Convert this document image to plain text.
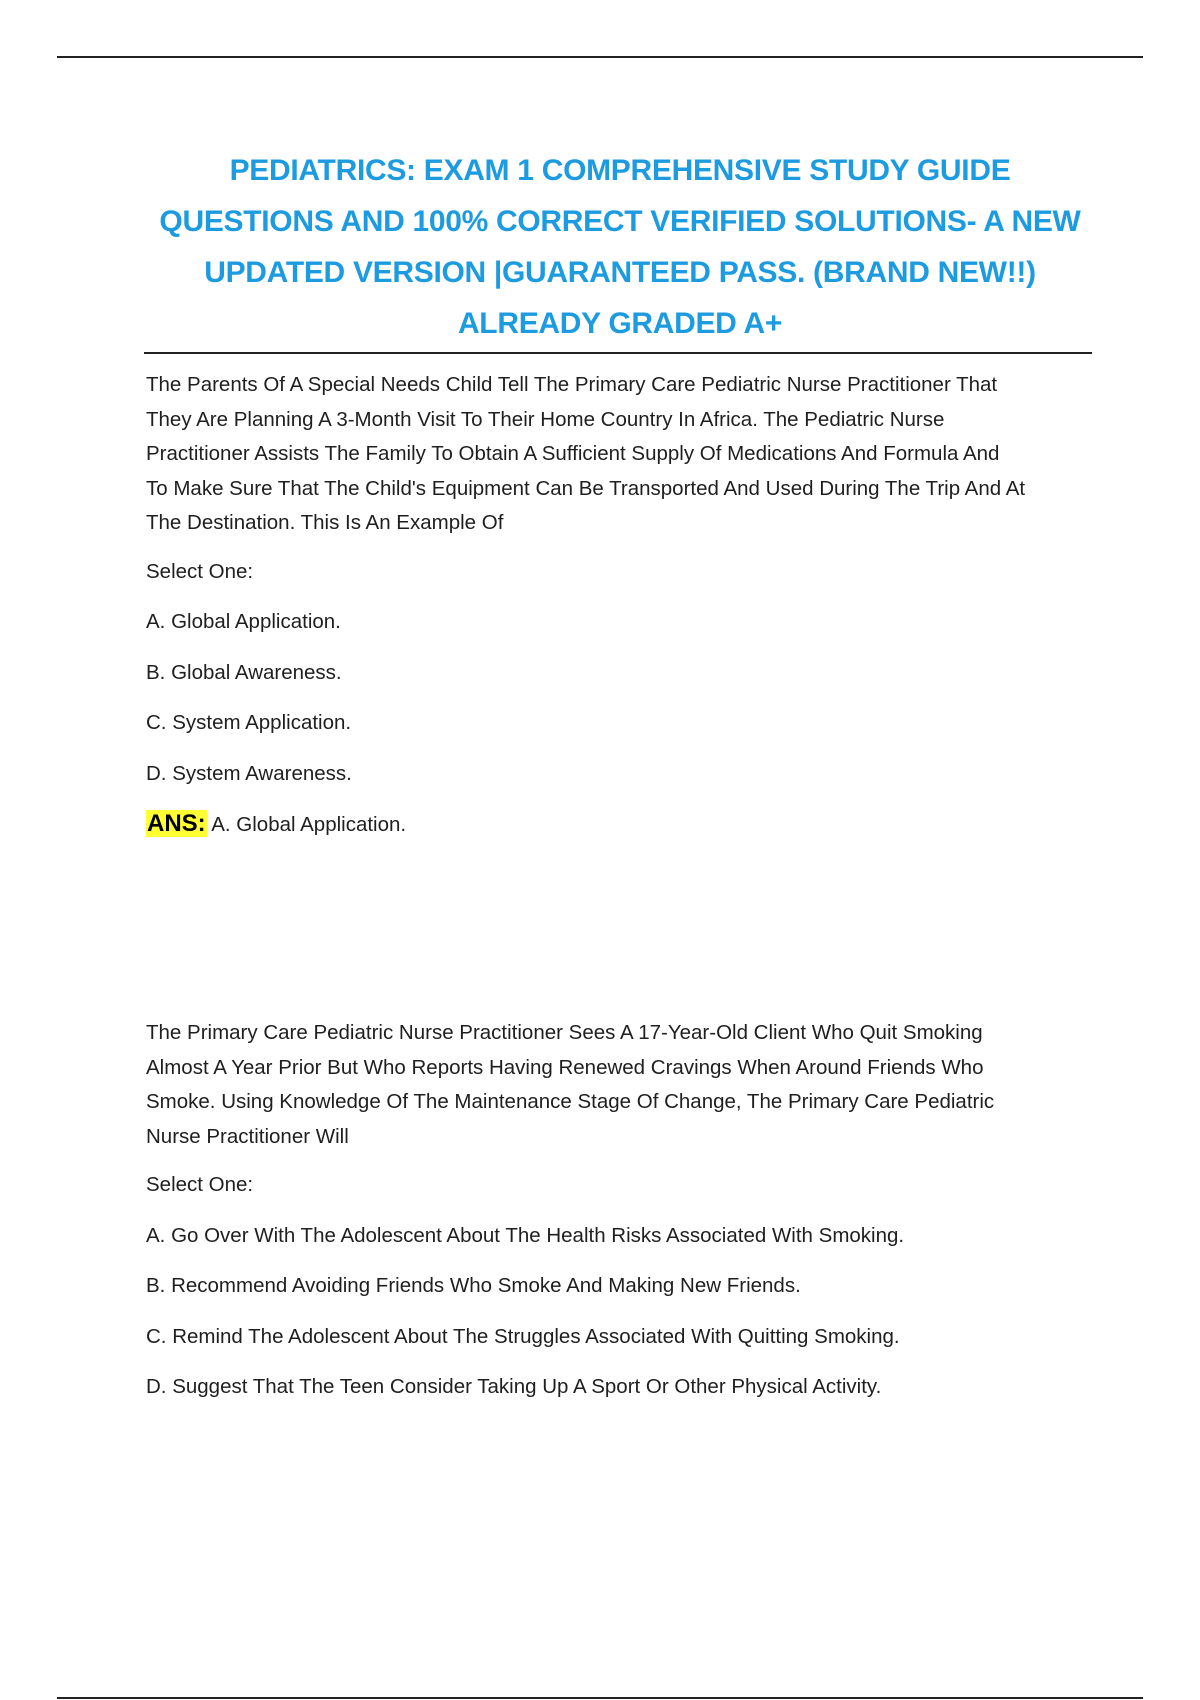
PEDIATRICS: EXAM 1 COMPREHENSIVE STUDY GUIDE
QUESTIONS AND 100% CORRECT VERIFIED SOLUTIONS- A NEW
UPDATED VERSION |GUARANTEED PASS. (BRAND NEW!!)
ALREADY GRADED A+

The Parents Of A Special Needs Child Tell The Primary Care Pediatric Nurse Practitioner That
They Are Planning A 3-Month Visit To Their Home Country In Africa. The Pediatric Nurse
Practitioner Assists The Family To Obtain A Sufficient Supply Of Medications And Formula And
To Make Sure That The Child's Equipment Can Be Transported And Used During The Trip And At
The Destination. This Is An Example Of

Select One:

A. Global Application.

B. Global Awareness.

C. System Application.

D. System Awareness.

ANS: A. Global Application.

The Primary Care Pediatric Nurse Practitioner Sees A 17-Year-Old Client Who Quit Smoking
Almost A Year Prior But Who Reports Having Renewed Cravings When Around Friends Who
Smoke. Using Knowledge Of The Maintenance Stage Of Change, The Primary Care Pediatric
Nurse Practitioner Will

Select One:

A. Go Over With The Adolescent About The Health Risks Associated With Smoking.

B. Recommend Avoiding Friends Who Smoke And Making New Friends.

C. Remind The Adolescent About The Struggles Associated With Quitting Smoking.

D. Suggest That The Teen Consider Taking Up A Sport Or Other Physical Activity.
